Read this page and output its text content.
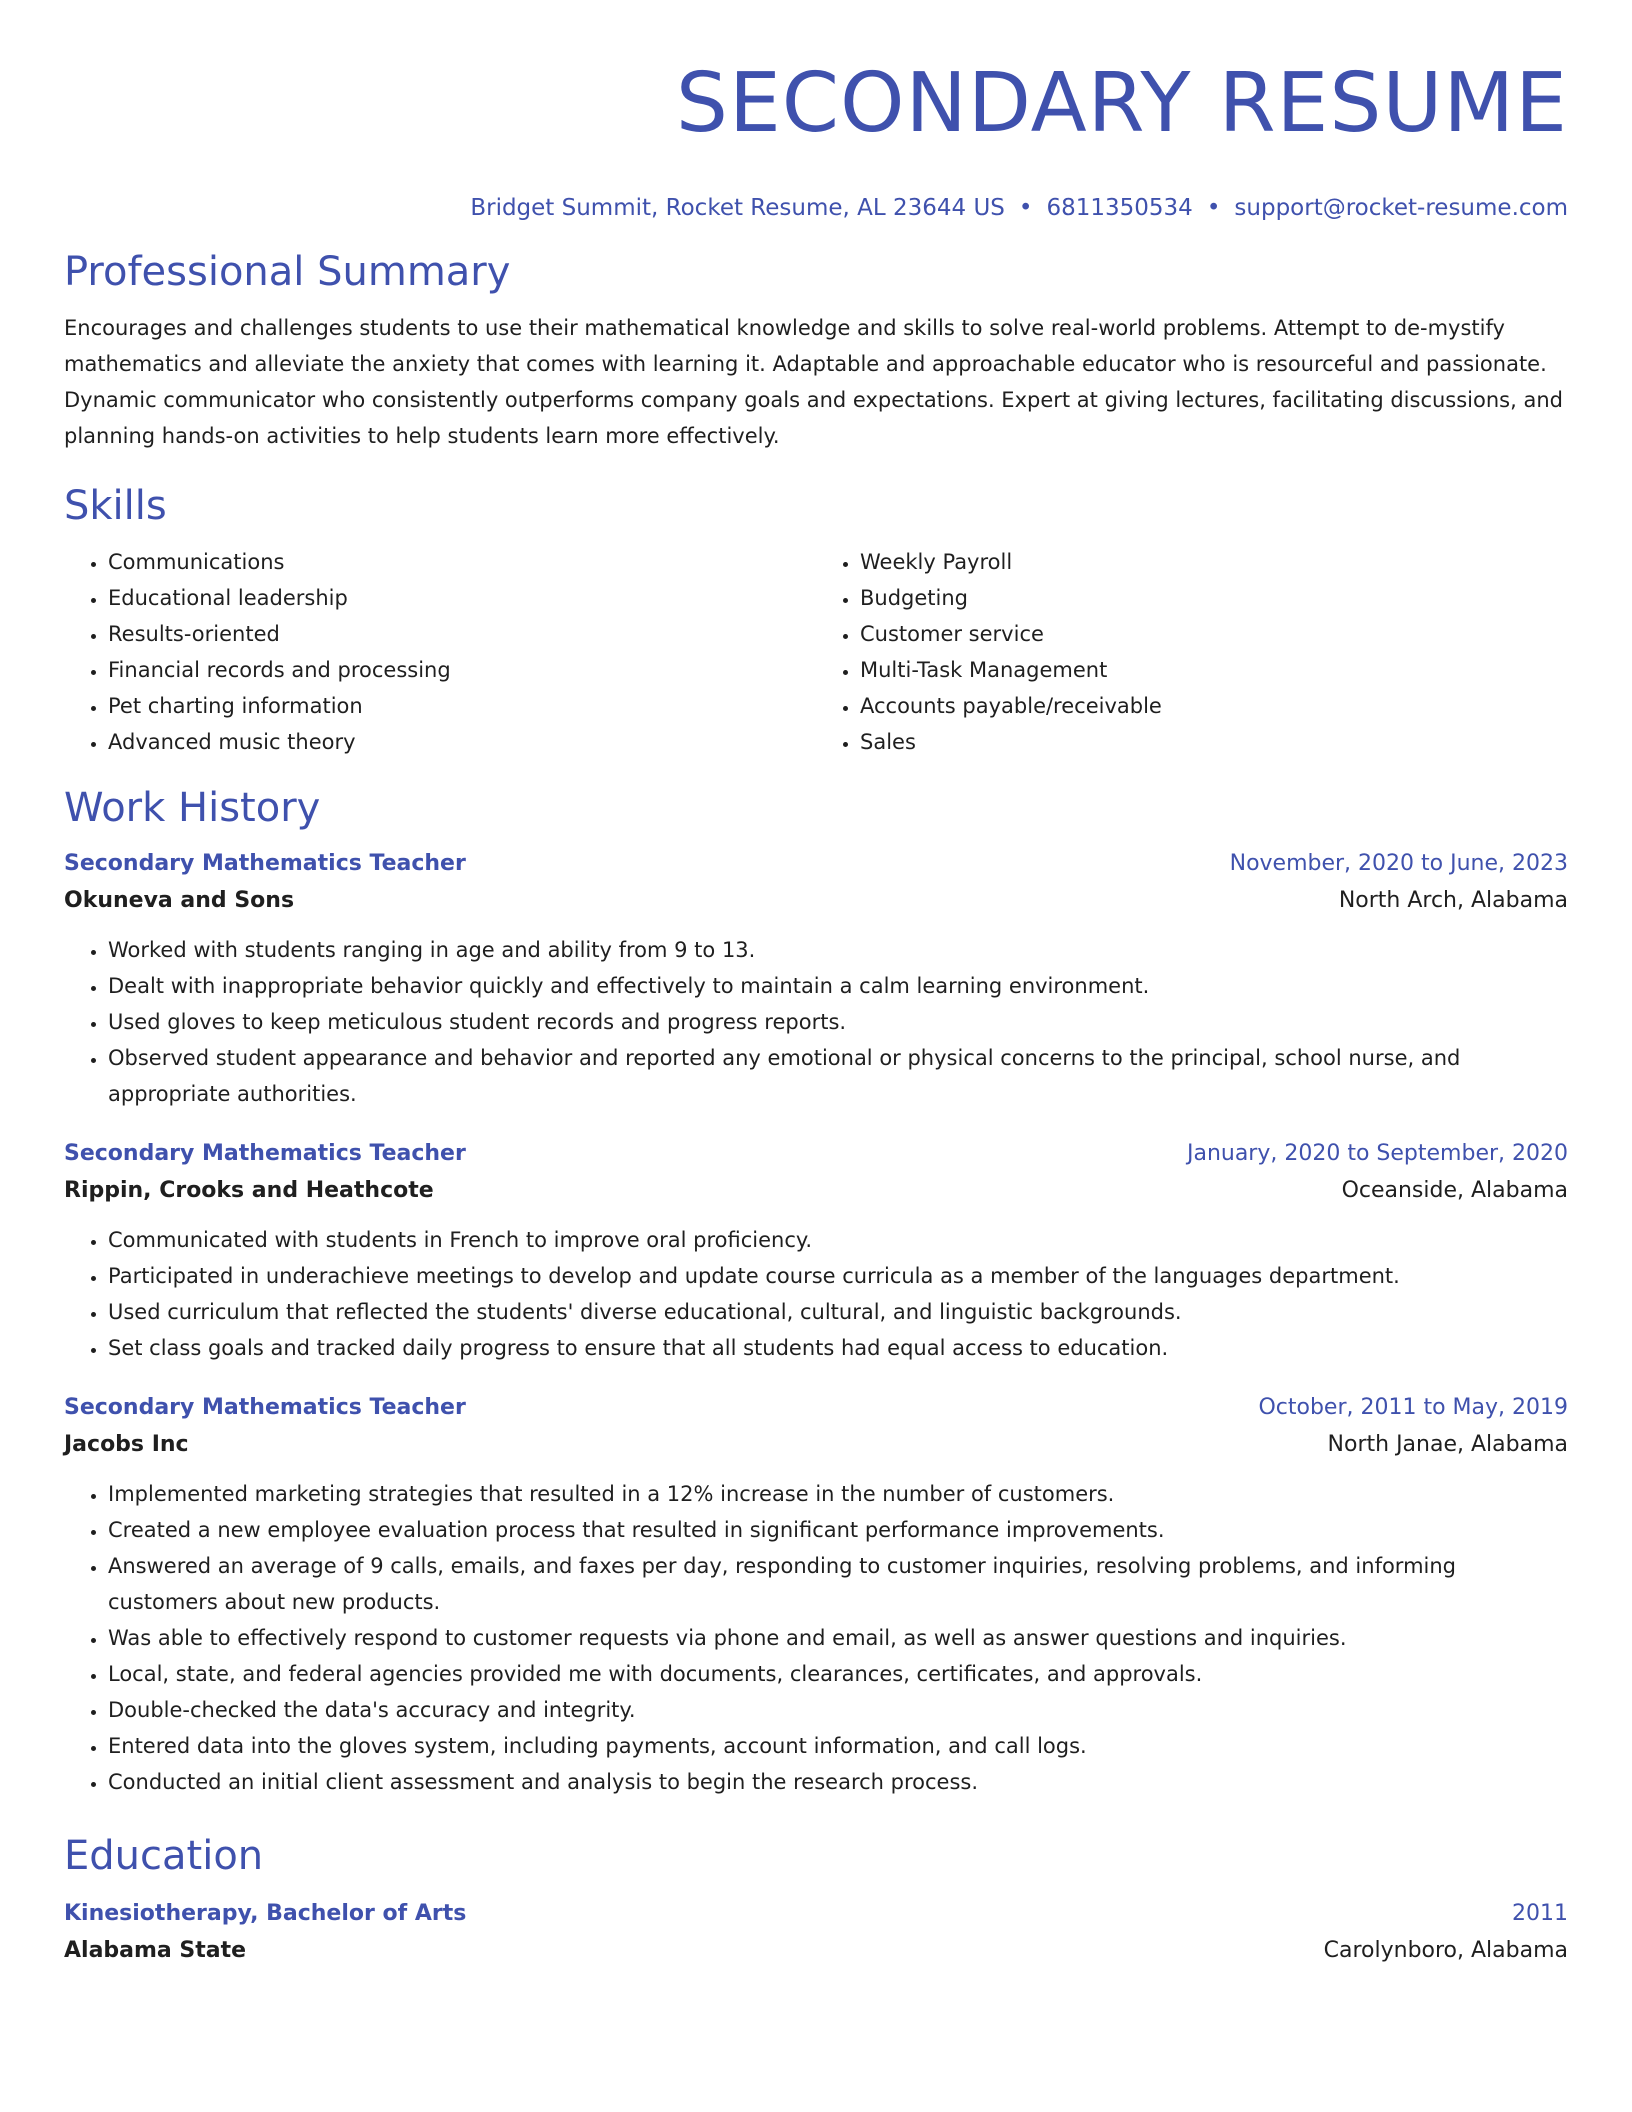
SECONDARY RESUME
Bridget Summit, Rocket Resume, AL 23644 US • 6811350534 • support@rocket-resume.com
Professional Summary

Encourages and challenges students to use their mathematical knowledge and skills to solve real-world problems. Attempt to de-mystify mathematics and alleviate the anxiety that comes with learning it. Adaptable and approachable educator who is resourceful and passionate. Dynamic communicator who consistently outperforms company goals and expectations. Expert at giving lectures, facilitating discussions, and planning hands-on activities to help students learn more effectively.

Skills
• Communications
• Educational leadership
• Results-oriented
• Financial records and processing
• Pet charting information
• Advanced music theory
• Weekly Payroll
• Budgeting
• Customer service
• Multi-Task Management
• Accounts payable/receivable
• Sales
Work History
Secondary Mathematics Teacher	November, 2020 to June, 2023
Okuneva and Sons	North Arch, Alabama
• Worked with students ranging in age and ability from 9 to 13.
• Dealt with inappropriate behavior quickly and effectively to maintain a calm learning environment.
• Used gloves to keep meticulous student records and progress reports.
• Observed student appearance and behavior and reported any emotional or physical concerns to the principal, school nurse, and appropriate authorities.
Secondary Mathematics Teacher	January, 2020 to September, 2020
Rippin, Crooks and Heathcote	Oceanside, Alabama
• Communicated with students in French to improve oral proficiency.
• Participated in underachieve meetings to develop and update course curricula as a member of the languages department.
• Used curriculum that reflected the students' diverse educational, cultural, and linguistic backgrounds.
• Set class goals and tracked daily progress to ensure that all students had equal access to education.
Secondary Mathematics Teacher	October, 2011 to May, 2019
Jacobs Inc	North Janae, Alabama
• Implemented marketing strategies that resulted in a 12% increase in the number of customers.
• Created a new employee evaluation process that resulted in significant performance improvements.
• Answered an average of 9 calls, emails, and faxes per day, responding to customer inquiries, resolving problems, and informing customers about new products.
• Was able to effectively respond to customer requests via phone and email, as well as answer questions and inquiries.
• Local, state, and federal agencies provided me with documents, clearances, certificates, and approvals.
• Double-checked the data's accuracy and integrity.
• Entered data into the gloves system, including payments, account information, and call logs.
• Conducted an initial client assessment and analysis to begin the research process.
Education
Kinesiotherapy, Bachelor of Arts	2011
Alabama State	Carolynboro, Alabama
